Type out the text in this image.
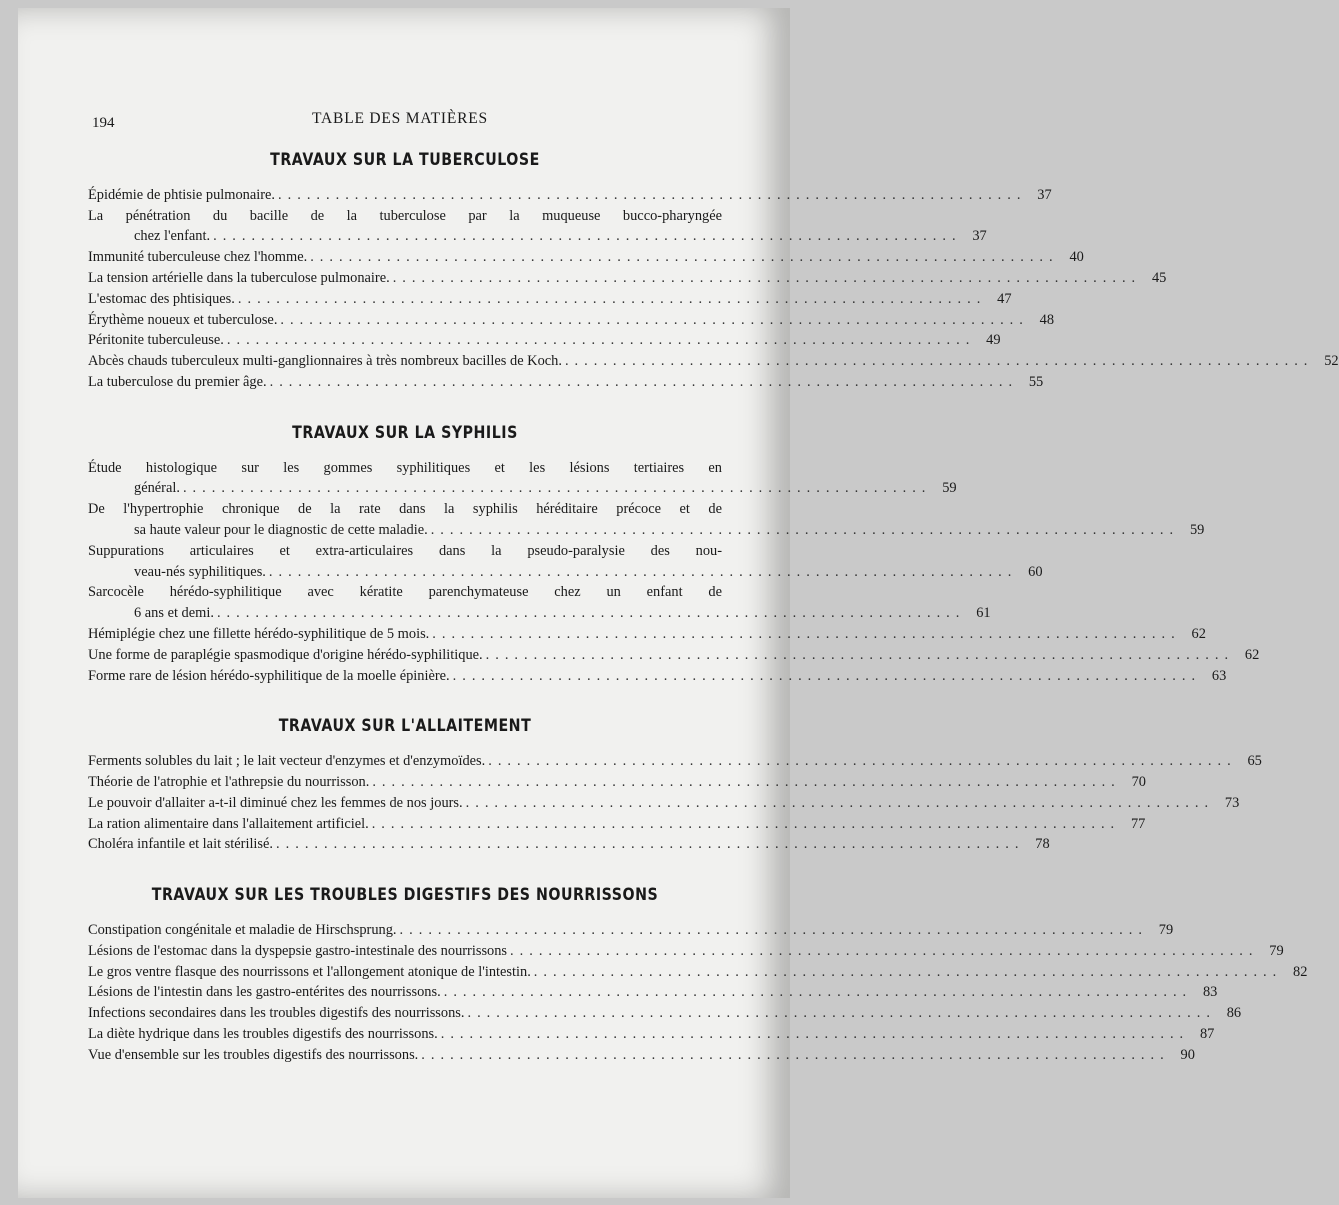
194	TABLE DES MATIÈRES
TRAVAUX SUR LA TUBERCULOSE
Épidémie de phtisie pulmonaire. . . .	37
La pénétration du bacille de la tuberculose par la muqueuse bucco-pharyngée
chez l'enfant. . . .	37
Immunité tuberculeuse chez l'homme. . . .	40
La tension artérielle dans la tuberculose pulmonaire. . . .	45
L'estomac des phtisiques. . . .	47
Érythème noueux et tuberculose. . . .	48
Péritonite tuberculeuse. . . .	49
Abcès chauds tuberculeux multi-ganglionnaires à très nombreux bacilles de Koch. . . .	52
La tuberculose du premier âge. . . .	55
TRAVAUX SUR LA SYPHILIS
Étude histologique sur les gommes syphilitiques et les lésions tertiaires en
général. . . .	59
De l'hypertrophie chronique de la rate dans la syphilis héréditaire précoce et de
sa haute valeur pour le diagnostic de cette maladie. . . .	59
Suppurations articulaires et extra-articulaires dans la pseudo-paralysie des nou-
veau-nés syphilitiques. . . .	60
Sarcocèle hérédo-syphilitique avec kératite parenchymateuse chez un enfant de
6 ans et demi. . . .	61
Hémiplégie chez une fillette hérédo-syphilitique de 5 mois. . . .	62
Une forme de paraplégie spasmodique d'origine hérédo-syphilitique. . . .	62
Forme rare de lésion hérédo-syphilitique de la moelle épinière. . . .	63
TRAVAUX SUR L'ALLAITEMENT
Ferments solubles du lait ; le lait vecteur d'enzymes et d'enzymoïdes. . . .	65
Théorie de l'atrophie et l'athrepsie du nourrisson. . . .	70
Le pouvoir d'allaiter a-t-il diminué chez les femmes de nos jours. . . .	73
La ration alimentaire dans l'allaitement artificiel. . . .	77
Choléra infantile et lait stérilisé. . . .	78
TRAVAUX SUR LES TROUBLES DIGESTIFS DES NOURRISSONS
Constipation congénitale et maladie de Hirschsprung. . . .	79
Lésions de l'estomac dans la dyspepsie gastro-intestinale des nourrissons . . .	79
Le gros ventre flasque des nourrissons et l'allongement atonique de l'intestin. . . .	82
Lésions de l'intestin dans les gastro-entérites des nourrissons. . . .	83
Infections secondaires dans les troubles digestifs des nourrissons. . . .	86
La diète hydrique dans les troubles digestifs des nourrissons. . . .	87
Vue d'ensemble sur les troubles digestifs des nourrissons. . . .	90
